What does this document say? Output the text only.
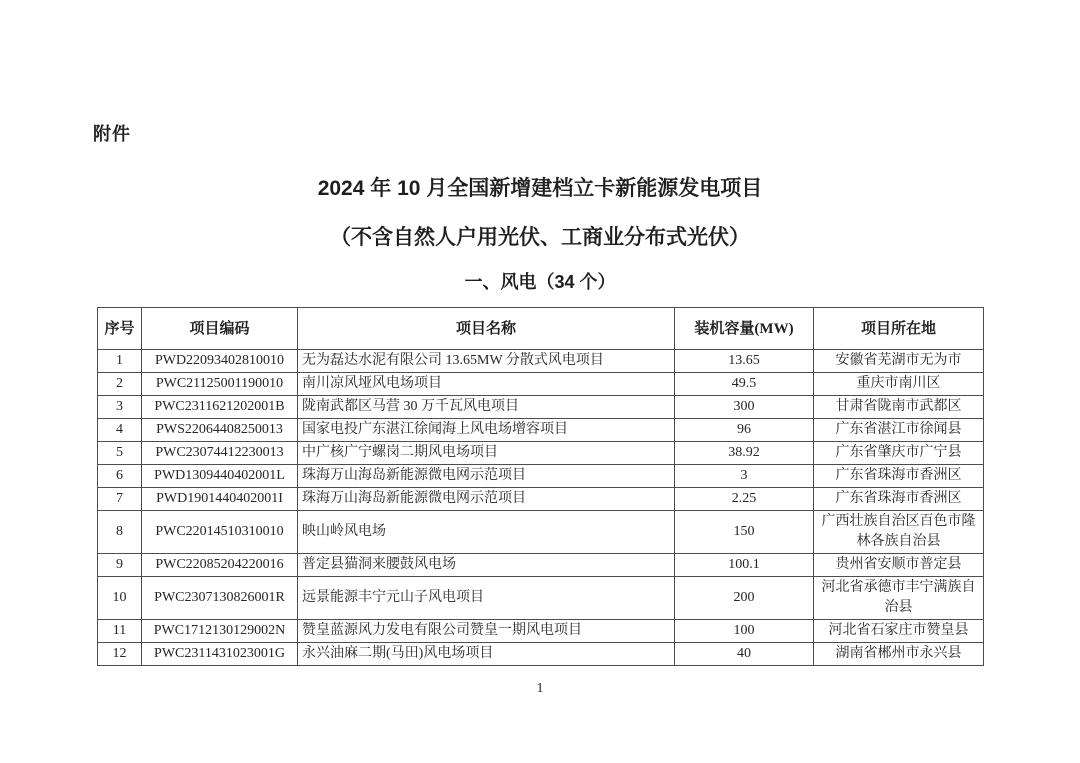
附件
2024 年 10 月全国新增建档立卡新能源发电项目
（不含自然人户用光伏、工商业分布式光伏）
一、风电（34 个）
序号	项目编码	项目名称	装机容量(MW)	项目所在地
1	PWD22093402810010	无为磊达水泥有限公司 13.65MW 分散式风电项目	13.65	安徽省芜湖市无为市
2	PWC21125001190010	南川凉风垭风电场项目	49.5	重庆市南川区
3	PWC2311621202001B	陇南武都区马营 30 万千瓦风电项目	300	甘肃省陇南市武都区
4	PWS22064408250013	国家电投广东湛江徐闻海上风电场增容项目	96	广东省湛江市徐闻县
5	PWC23074412230013	中广核广宁螺岗二期风电场项目	38.92	广东省肇庆市广宁县
6	PWD1309440402001L	珠海万山海岛新能源微电网示范项目	3	广东省珠海市香洲区
7	PWD1901440402001I	珠海万山海岛新能源微电网示范项目	2.25	广东省珠海市香洲区
8	PWC22014510310010	映山岭风电场	150	广西壮族自治区百色市隆林各族自治县
9	PWC22085204220016	普定县猫洞来腰鼓风电场	100.1	贵州省安顺市普定县
10	PWC2307130826001R	远景能源丰宁元山子风电项目	200	河北省承德市丰宁满族自治县
11	PWC1712130129002N	赞皇蓝源风力发电有限公司赞皇一期风电项目	100	河北省石家庄市赞皇县
12	PWC2311431023001G	永兴油麻二期(马田)风电场项目	40	湖南省郴州市永兴县
1
